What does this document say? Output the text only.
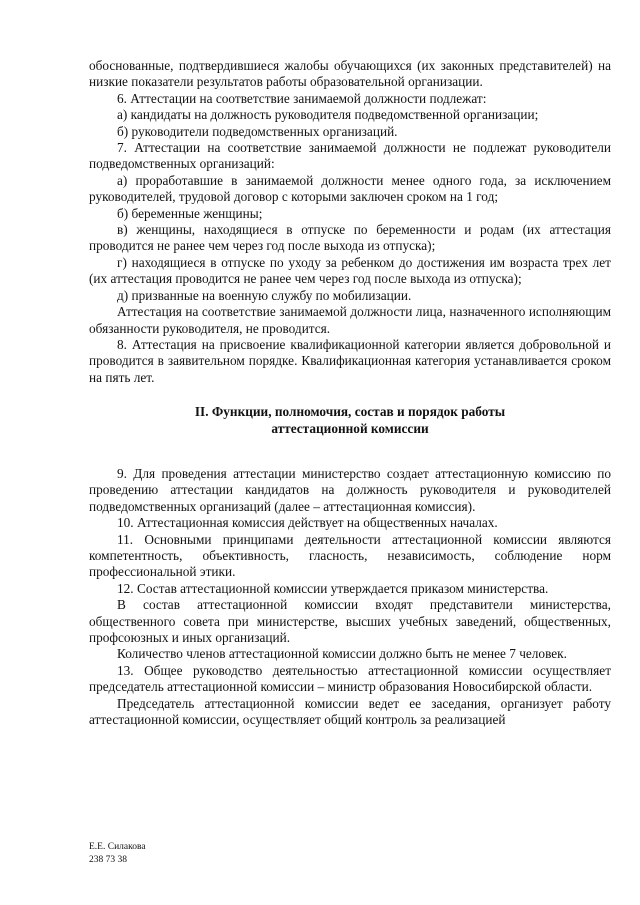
обоснованные, подтвердившиеся жалобы обучающихся (их законных представителей) на низкие показатели результатов работы образовательной организации.

6. Аттестации на соответствие занимаемой должности подлежат:

а) кандидаты на должность руководителя подведомственной организации;

б) руководители подведомственных организаций.

7. Аттестации на соответствие занимаемой должности не подлежат руководители подведомственных организаций:

а) проработавшие в занимаемой должности менее одного года, за исключением руководителей, трудовой договор с которыми заключен сроком на 1 год;

б) беременные женщины;

в) женщины, находящиеся в отпуске по беременности и родам (их аттестация проводится не ранее чем через год после выхода из отпуска);

г) находящиеся в отпуске по уходу за ребенком до достижения им возраста трех лет (их аттестация проводится не ранее чем через год после выхода из отпуска);

д) призванные на военную службу по мобилизации.

Аттестация на соответствие занимаемой должности лица, назначенного исполняющим обязанности руководителя, не проводится.

8. Аттестация на присвоение квалификационной категории является добровольной и проводится в заявительном порядке. Квалификационная категория устанавливается сроком на пять лет.

II. Функции, полномочия, состав и порядок работы
аттестационной комиссии

9. Для проведения аттестации министерство создает аттестационную комиссию по проведению аттестации кандидатов на должность руководителя и руководителей подведомственных организаций (далее – аттестационная комиссия).

10. Аттестационная комиссия действует на общественных началах.

11. Основными принципами деятельности аттестационной комиссии являются компетентность, объективность, гласность, независимость, соблюдение норм профессиональной этики.

12. Состав аттестационной комиссии утверждается приказом министерства.

В состав аттестационной комиссии входят представители министерства, общественного совета при министерстве, высших учебных заведений, общественных, профсоюзных и иных организаций.

Количество членов аттестационной комиссии должно быть не менее 7 человек.

13. Общее руководство деятельностью аттестационной комиссии осуществляет председатель аттестационной комиссии – министр образования Новосибирской области.

Председатель аттестационной комиссии ведет ее заседания, организует работу аттестационной комиссии, осуществляет общий контроль за реализацией

Е.Е. Силакова
238 73 38
